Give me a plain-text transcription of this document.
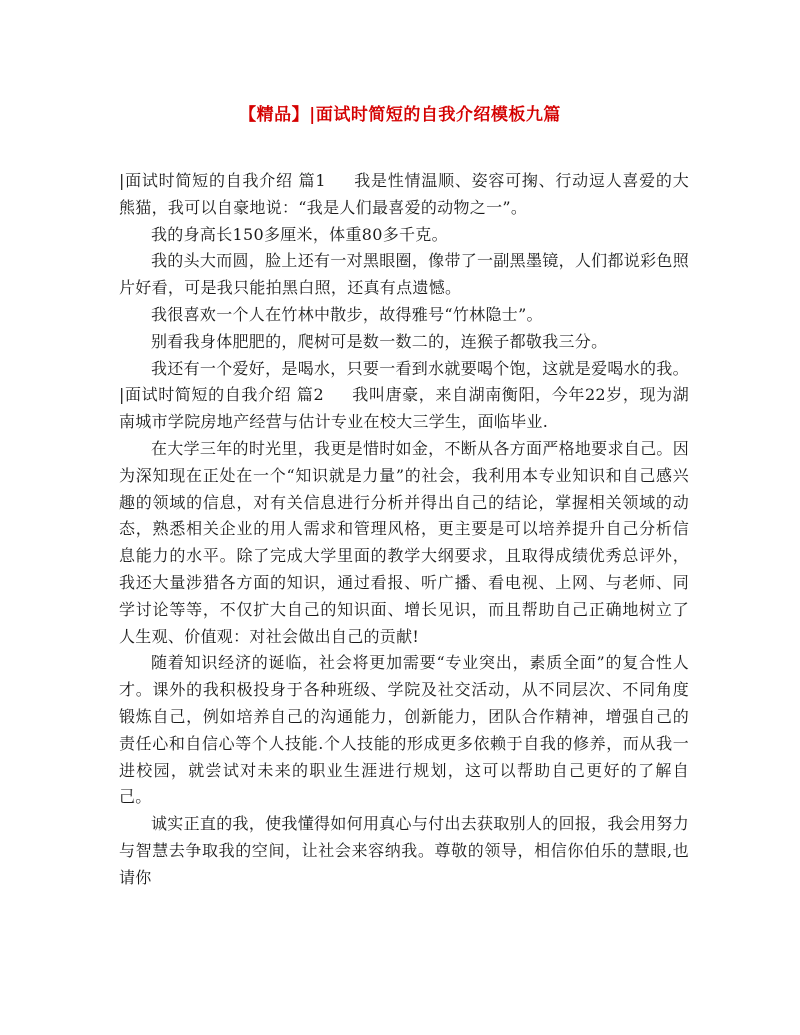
【精品】|面试时简短的自我介绍模板九篇

|面试时简短的自我介绍 篇1 我是性情温顺、姿容可掬、行动逗人喜爱的大熊猫，我可以自豪地说：“我是人们最喜爱的动物之一”。

我的身高长150多厘米，体重80多千克。

我的头大而圆，脸上还有一对黑眼圈，像带了一副黑墨镜，人们都说彩色照片好看，可是我只能拍黑白照，还真有点遗憾。

我很喜欢一个人在竹林中散步，故得雅号“竹林隐士”。

别看我身体肥肥的，爬树可是数一数二的，连猴子都敬我三分。

我还有一个爱好，是喝水，只要一看到水就要喝个饱，这就是爱喝水的我。

|面试时简短的自我介绍 篇2 我叫唐豪，来自湖南衡阳，今年22岁，现为湖南城市学院房地产经营与估计专业在校大三学生，面临毕业.

在大学三年的时光里，我更是惜时如金，不断从各方面严格地要求自己。因为深知现在正处在一个“知识就是力量”的社会，我利用本专业知识和自己感兴趣的领域的信息，对有关信息进行分析并得出自己的结论，掌握相关领域的动态，熟悉相关企业的用人需求和管理风格，更主要是可以培养提升自己分析信息能力的水平。除了完成大学里面的教学大纲要求，且取得成绩优秀总评外，我还大量涉猎各方面的知识，通过看报、听广播、看电视、上网、与老师、同学讨论等等，不仅扩大自己的知识面、增长见识，而且帮助自己正确地树立了人生观、价值观：对社会做出自己的贡献!

随着知识经济的诞临，社会将更加需要“专业突出，素质全面”的复合性人才。课外的我积极投身于各种班级、学院及社交活动，从不同层次、不同角度锻炼自己，例如培养自己的沟通能力，创新能力，团队合作精神，增强自己的责任心和自信心等个人技能.个人技能的形成更多依赖于自我的修养，而从我一进校园，就尝试对未来的职业生涯进行规划，这可以帮助自己更好的了解自己。

诚实正直的我，使我懂得如何用真心与付出去获取别人的回报，我会用努力与智慧去争取我的空间，让社会来容纳我。尊敬的领导，相信你伯乐的慧眼,也请你
